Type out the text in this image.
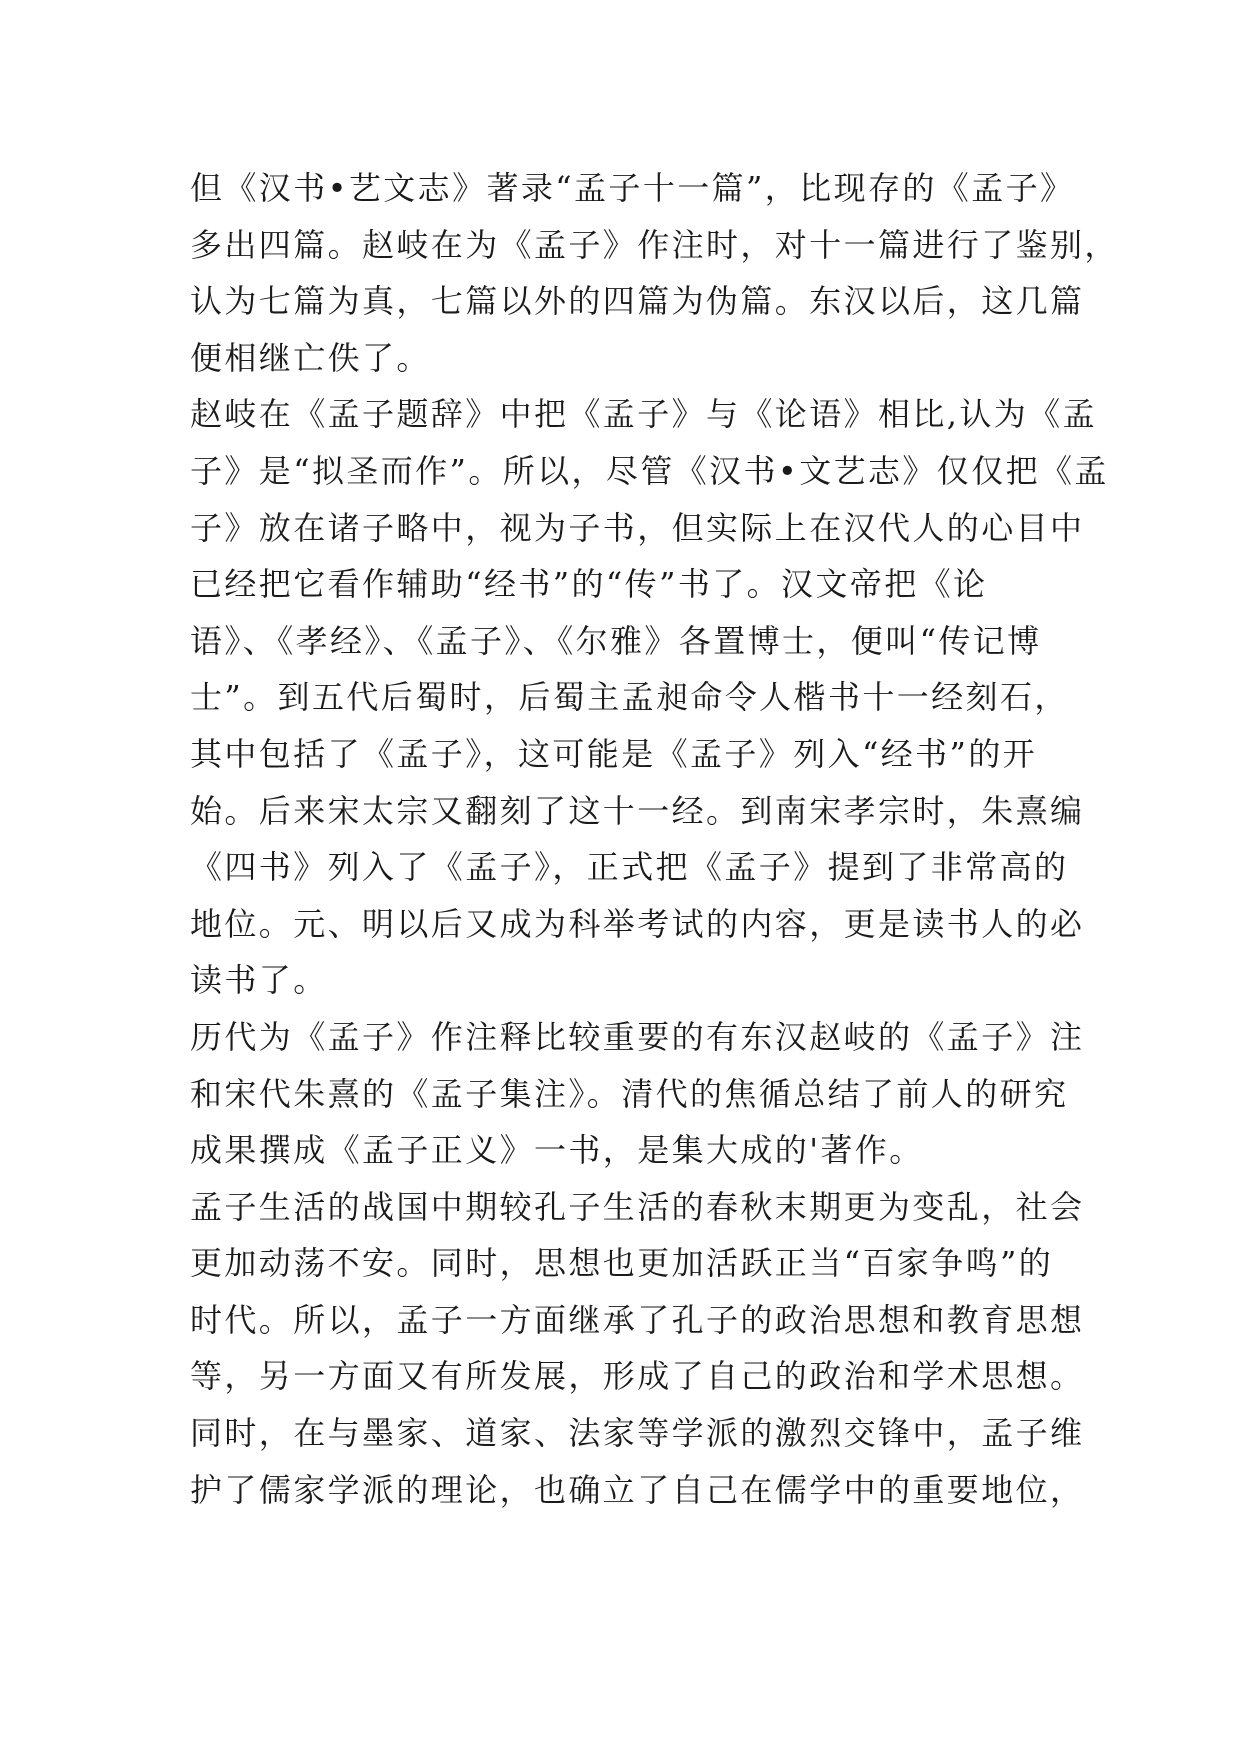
但《汉书•艺文志》著录“孟子十一篇”，比现存的《孟子》
多出四篇。赵岐在为《孟子》作注时，对十一篇进行了鉴别，
认为七篇为真，七篇以外的四篇为伪篇。东汉以后，这几篇
便相继亡佚了。
赵岐在《孟子题辞》中把《孟子》与《论语》相比,认为《孟
子》是“拟圣而作”。所以，尽管《汉书•文艺志》仅仅把《孟
子》放在诸子略中，视为子书，但实际上在汉代人的心目中
已经把它看作辅助“经书”的“传”书了。汉文帝把《论
语》、《孝经》、《孟子》、《尔雅》各置博士，便叫“传记博
士”。到五代后蜀时，后蜀主孟昶命令人楷书十一经刻石，
其中包括了《孟子》，这可能是《孟子》列入“经书”的开
始。后来宋太宗又翻刻了这十一经。到南宋孝宗时，朱熹编
《四书》列入了《孟子》，正式把《孟子》提到了非常高的
地位。元、明以后又成为科举考试的内容，更是读书人的必
读书了。
历代为《孟子》作注释比较重要的有东汉赵岐的《孟子》注
和宋代朱熹的《孟子集注》。清代的焦循总结了前人的研究
成果撰成《孟子正义》一书，是集大成的'著作。
孟子生活的战国中期较孔子生活的春秋末期更为变乱，社会
更加动荡不安。同时，思想也更加活跃正当“百家争鸣”的
时代。所以，孟子一方面继承了孔子的政治思想和教育思想
等，另一方面又有所发展，形成了自己的政治和学术思想。
同时，在与墨家、道家、法家等学派的激烈交锋中，孟子维
护了儒家学派的理论，也确立了自己在儒学中的重要地位，
